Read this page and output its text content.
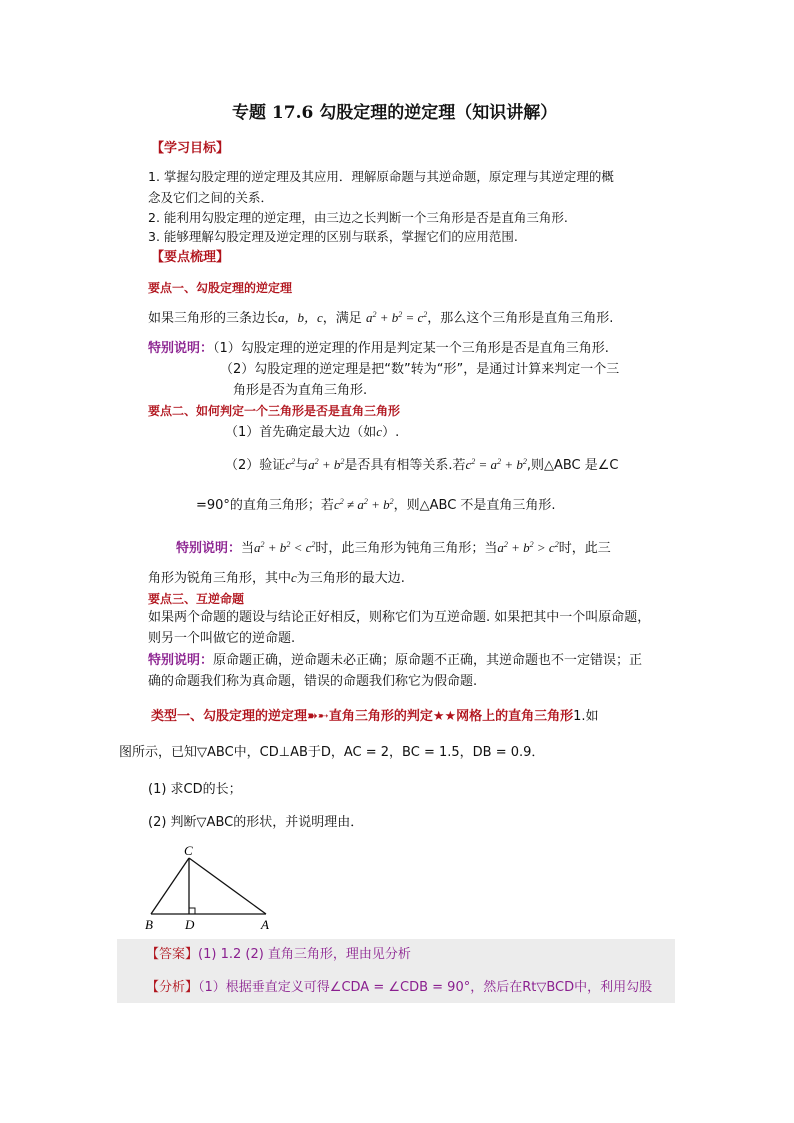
专题 17.6 勾股定理的逆定理（知识讲解）
【学习目标】
1. 掌握勾股定理的逆定理及其应用．理解原命题与其逆命题，原定理与其逆定理的概
念及它们之间的关系．
2. 能利用勾股定理的逆定理，由三边之长判断一个三角形是否是直角三角形.
3. 能够理解勾股定理及逆定理的区别与联系，掌握它们的应用范围.
【要点梳理】
要点一、勾股定理的逆定理
如果三角形的三条边长a，b，c，满足 $a^2 + b^2 = c^2$，那么这个三角形是直角三角形.
特别说明：（1）勾股定理的逆定理的作用是判定某一个三角形是否是直角三角形.
（2）勾股定理的逆定理是把“数”转为“形”，是通过计算来判定一个三
角形是否为直角三角形.
要点二、如何判定一个三角形是否是直角三角形
（1）首先确定最大边（如c）.
（2）验证$c^2$与$a^2 + b^2$是否具有相等关系.若$c^2 = a^2 + b^2$,则△ABC 是∠C
=90°的直角三角形；若$c^2 \ne a^2 + b^2$，则△ABC 不是直角三角形.
特别说明：当$a^2 + b^2 < c^2$时，此三角形为钝角三角形；当$a^2 + b^2 > c^2$时，此三
角形为锐角三角形，其中c为三角形的最大边.
要点三、互逆命题
如果两个命题的题设与结论正好相反，则称它们为互逆命题. 如果把其中一个叫原命题，
则另一个叫做它的逆命题.
特别说明：原命题正确，逆命题未必正确；原命题不正确，其逆命题也不一定错误；正
确的命题我们称为真命题，错误的命题我们称它为假命题.
类型一、勾股定理的逆定理➽➸直角三角形的判定★★网格上的直角三角形1.如
图所示，已知▽ABC中，CD⊥AB于D，AC = 2，BC = 1.5，DB = 0.9．
(1) 求CD的长；
(2) 判断▽ABC的形状，并说明理由．
C
B D	A
【答案】(1) 1.2 (2) 直角三角形，理由见分析
【分析】（1）根据垂直定义可得∠CDA = ∠CDB = 90°，然后在Rt▽BCD中，利用勾股
